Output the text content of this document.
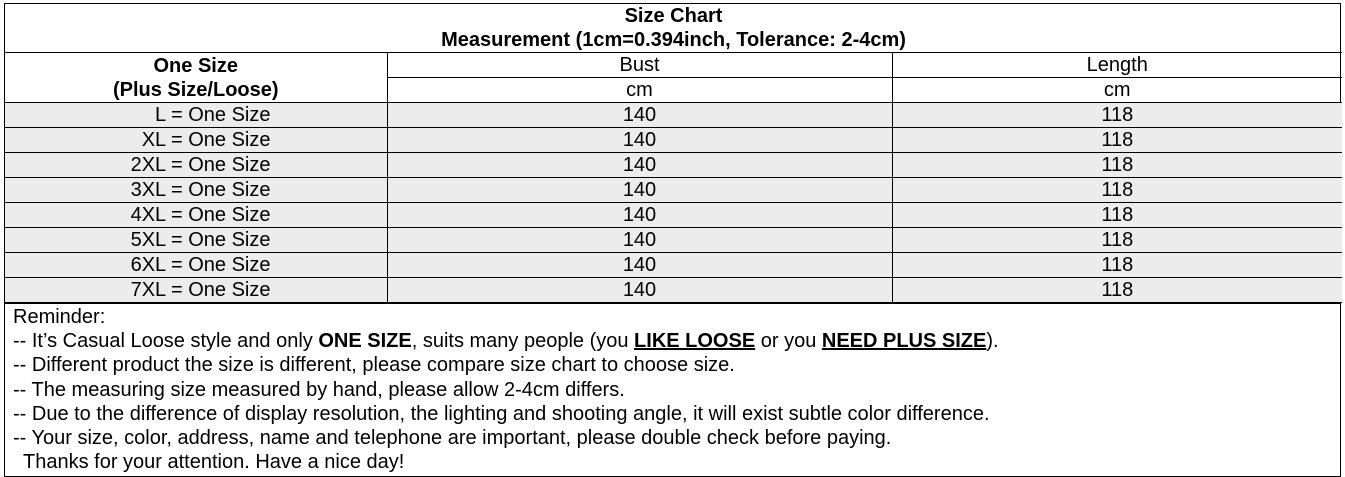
Size Chart
Measurement (1cm=0.394inch, Tolerance: 2-4cm)		

One Size
(Plus Size/Loose)	Bust	Length
	cm	cm
L = One Size	140	118
XL = One Size	140	118
2XL = One Size	140	118
3XL = One Size	140	118
4XL = One Size	140	118
5XL = One Size	140	118
6XL = One Size	140	118
7XL = One Size	140	118
Reminder:
-- It’s Casual Loose style and only ONE SIZE, suits many people (you LIKE LOOSE or you NEED PLUS SIZE).
-- Different product the size is different, please compare size chart to choose size.
-- The measuring size measured by hand, please allow 2-4cm differs.
-- Due to the difference of display resolution, the lighting and shooting angle, it will exist subtle color difference.
-- Your size, color, address, name and telephone are important, please double check before paying.
Thanks for your attention. Have a nice day!
